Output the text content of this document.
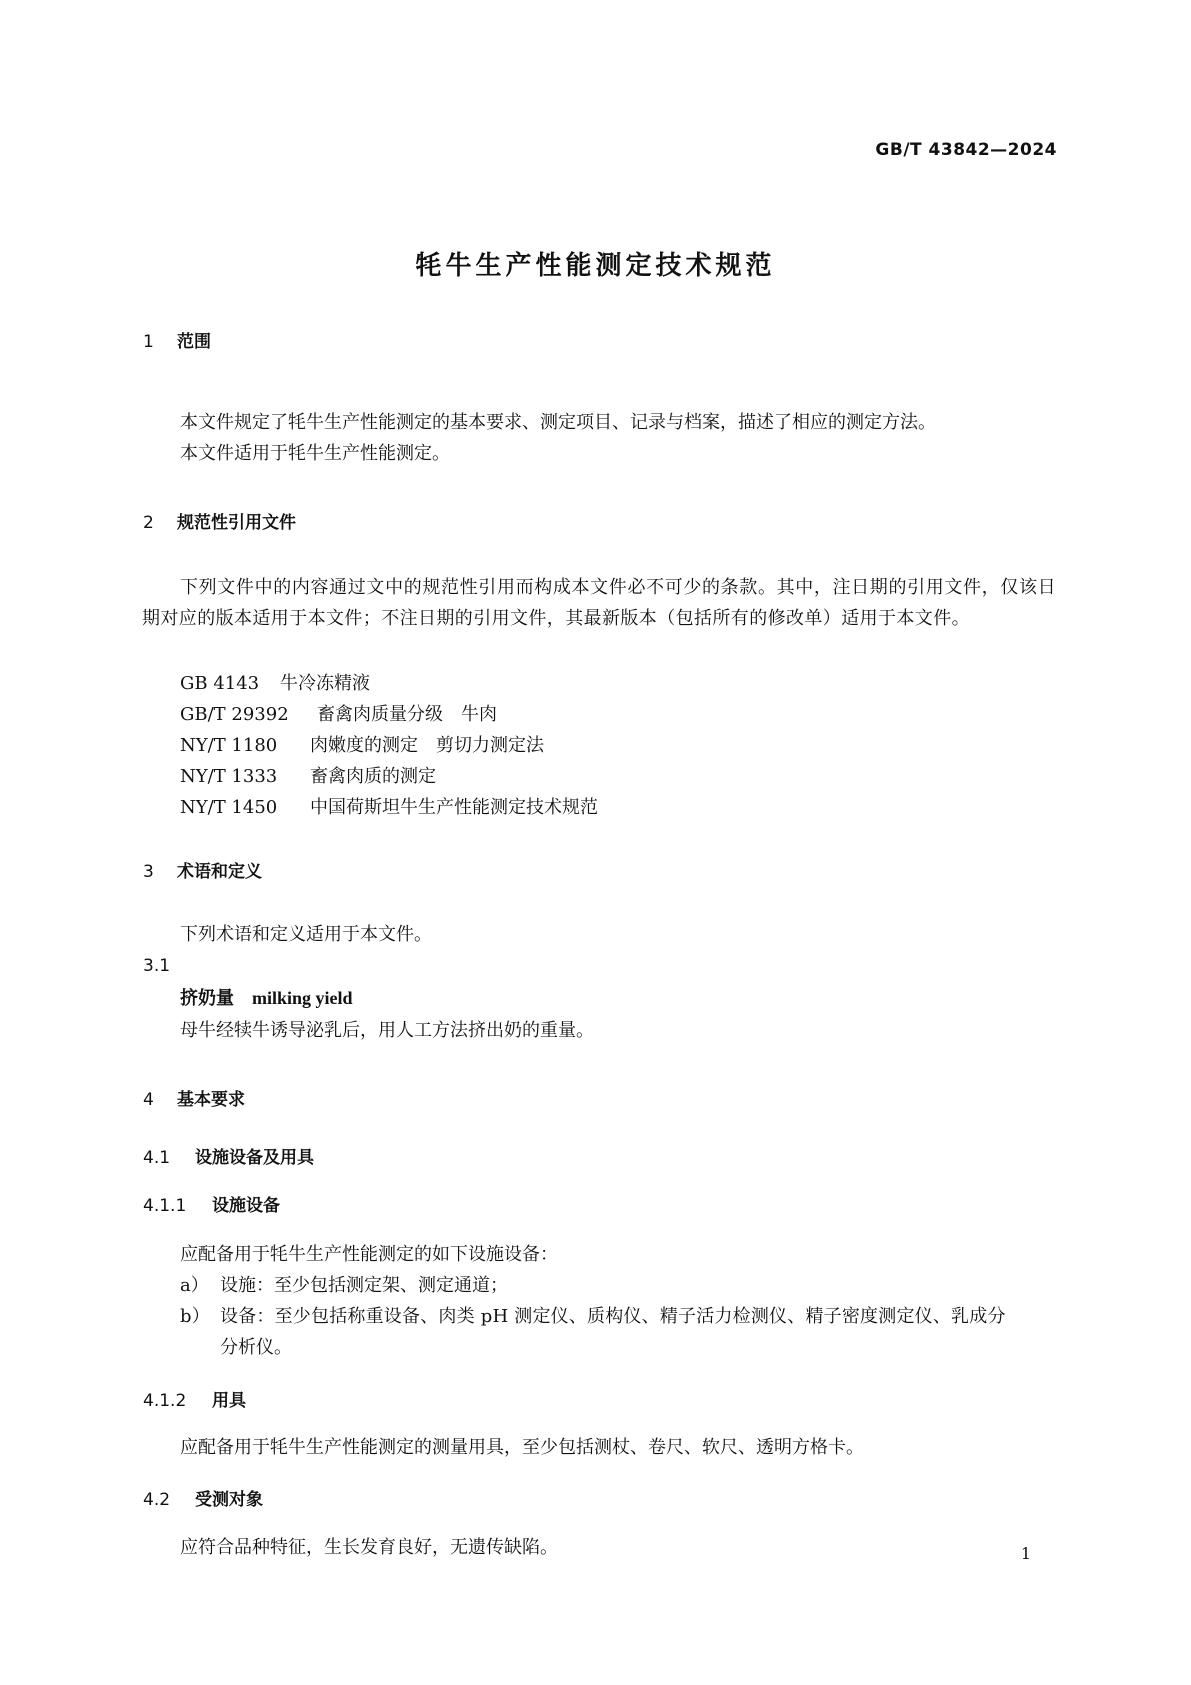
GB/T 43842—2024
牦牛生产性能测定技术规范
1 范围
本文件规定了牦牛生产性能测定的基本要求、测定项目、记录与档案，描述了相应的测定方法。
本文件适用于牦牛生产性能测定。
2 规范性引用文件
下列文件中的内容通过文中的规范性引用而构成本文件必不可少的条款。其中，注日期的引用文件，仅该日期对应的版本适用于本文件；不注日期的引用文件，其最新版本（包括所有的修改单）适用于本文件。
GB 4143 牛冷冻精液
GB/T 29392 畜禽肉质量分级　牛肉
NY/T 1180 肉嫩度的测定　剪切力测定法
NY/T 1333 畜禽肉质的测定
NY/T 1450 中国荷斯坦牛生产性能测定技术规范
3 术语和定义
下列术语和定义适用于本文件。
3.1
挤奶量 milking yield
母牛经犊牛诱导泌乳后，用人工方法挤出奶的重量。
4 基本要求
4.1 设施设备及用具
4.1.1 设施设备
应配备用于牦牛生产性能测定的如下设施设备：
a） 设施：至少包括测定架、测定通道；
b） 设备：至少包括称重设备、肉类 pH 测定仪、质构仪、精子活力检测仪、精子密度测定仪、乳成分
分析仪。
4.1.2 用具
应配备用于牦牛生产性能测定的测量用具，至少包括测杖、卷尺、软尺、透明方格卡。
4.2 受测对象
应符合品种特征，生长发育良好，无遗传缺陷。	1
